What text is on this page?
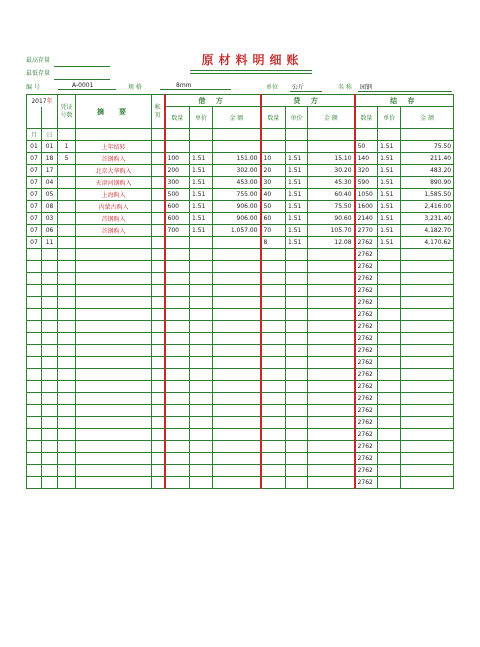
最高存量
最低存量
原材料明细账
编 号	A-0001	规 格	8mm	单位	公斤	名 称	园钢
2017年		凭证
号数	摘　要	帐
页	借 方			贷 方			结 存		
					数量	单价	金 额	数量	单价	金 额	数量	单价	金 额
月	日												
01	01	1	上年结转								50	1.51	75.50
07	18	5	首钢购入		100	1.51	151.00	10	1.51	15.10	140	1.51	211.40
07	17		北京大华购入		200	1.51	302.00	20	1.51	30.20	320	1.51	483.20
07	04		天津河钢购入		300	1.51	453.00	30	1.51	45.30	590	1.51	890.90
07	05		上海购入		500	1.51	755.00	40	1.51	60.40	1050	1.51	1,585.50
07	08		内蒙古购入		600	1.51	906.00	50	1.51	75.50	1600	1.51	2,416.00
07	03		首钢购入		600	1.51	906.00	60	1.51	90.60	2140	1.51	3,231.40
07	06		首钢购入		700	1.51	1,057.00	70	1.51	105.70	2770	1.51	4,182.70
07	11							8	1.51	12.08	2762	1.51	4,170.62
											2762		
											2762		
											2762		
											2762		
											2762		
											2762		
											2762		
											2762		
											2762		
											2762		
											2762		
											2762		
											2762		
											2762		
											2762		
											2762		
											2762		
											2762		
											2762		
											2762		
